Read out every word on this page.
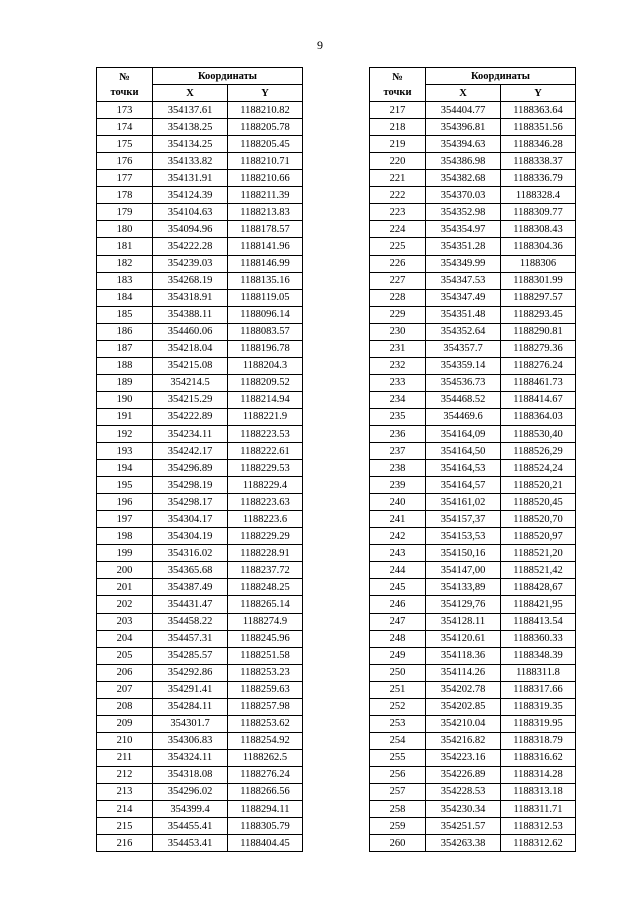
9
№
точки	Координаты	
	X	Y
173	354137.61	1188210.82
174	354138.25	1188205.78
175	354134.25	1188205.45
176	354133.82	1188210.71
177	354131.91	1188210.66
178	354124.39	1188211.39
179	354104.63	1188213.83
180	354094.96	1188178.57
181	354222.28	1188141.96
182	354239.03	1188146.99
183	354268.19	1188135.16
184	354318.91	1188119.05
185	354388.11	1188096.14
186	354460.06	1188083.57
187	354218.04	1188196.78
188	354215.08	1188204.3
189	354214.5	1188209.52
190	354215.29	1188214.94
191	354222.89	1188221.9
192	354234.11	1188223.53
193	354242.17	1188222.61
194	354296.89	1188229.53
195	354298.19	1188229.4
196	354298.17	1188223.63
197	354304.17	1188223.6
198	354304.19	1188229.29
199	354316.02	1188228.91
200	354365.68	1188237.72
201	354387.49	1188248.25
202	354431.47	1188265.14
203	354458.22	1188274.9
204	354457.31	1188245.96
205	354285.57	1188251.58
206	354292.86	1188253.23
207	354291.41	1188259.63
208	354284.11	1188257.98
209	354301.7	1188253.62
210	354306.83	1188254.92
211	354324.11	1188262.5
212	354318.08	1188276.24
213	354296.02	1188266.56
214	354399.4	1188294.11
215	354455.41	1188305.79
216	354453.41	1188404.45
№
точки	Координаты	
	X	Y
217	354404.77	1188363.64
218	354396.81	1188351.56
219	354394.63	1188346.28
220	354386.98	1188338.37
221	354382.68	1188336.79
222	354370.03	1188328.4
223	354352.98	1188309.77
224	354354.97	1188308.43
225	354351.28	1188304.36
226	354349.99	1188306
227	354347.53	1188301.99
228	354347.49	1188297.57
229	354351.48	1188293.45
230	354352.64	1188290.81
231	354357.7	1188279.36
232	354359.14	1188276.24
233	354536.73	1188461.73
234	354468.52	1188414.67
235	354469.6	1188364.03
236	354164,09	1188530,40
237	354164,50	1188526,29
238	354164,53	1188524,24
239	354164,57	1188520,21
240	354161,02	1188520,45
241	354157,37	1188520,70
242	354153,53	1188520,97
243	354150,16	1188521,20
244	354147,00	1188521,42
245	354133,89	1188428,67
246	354129,76	1188421,95
247	354128.11	1188413.54
248	354120.61	1188360.33
249	354118.36	1188348.39
250	354114.26	1188311.8
251	354202.78	1188317.66
252	354202.85	1188319.35
253	354210.04	1188319.95
254	354216.82	1188318.79
255	354223.16	1188316.62
256	354226.89	1188314.28
257	354228.53	1188313.18
258	354230.34	1188311.71
259	354251.57	1188312.53
260	354263.38	1188312.62
